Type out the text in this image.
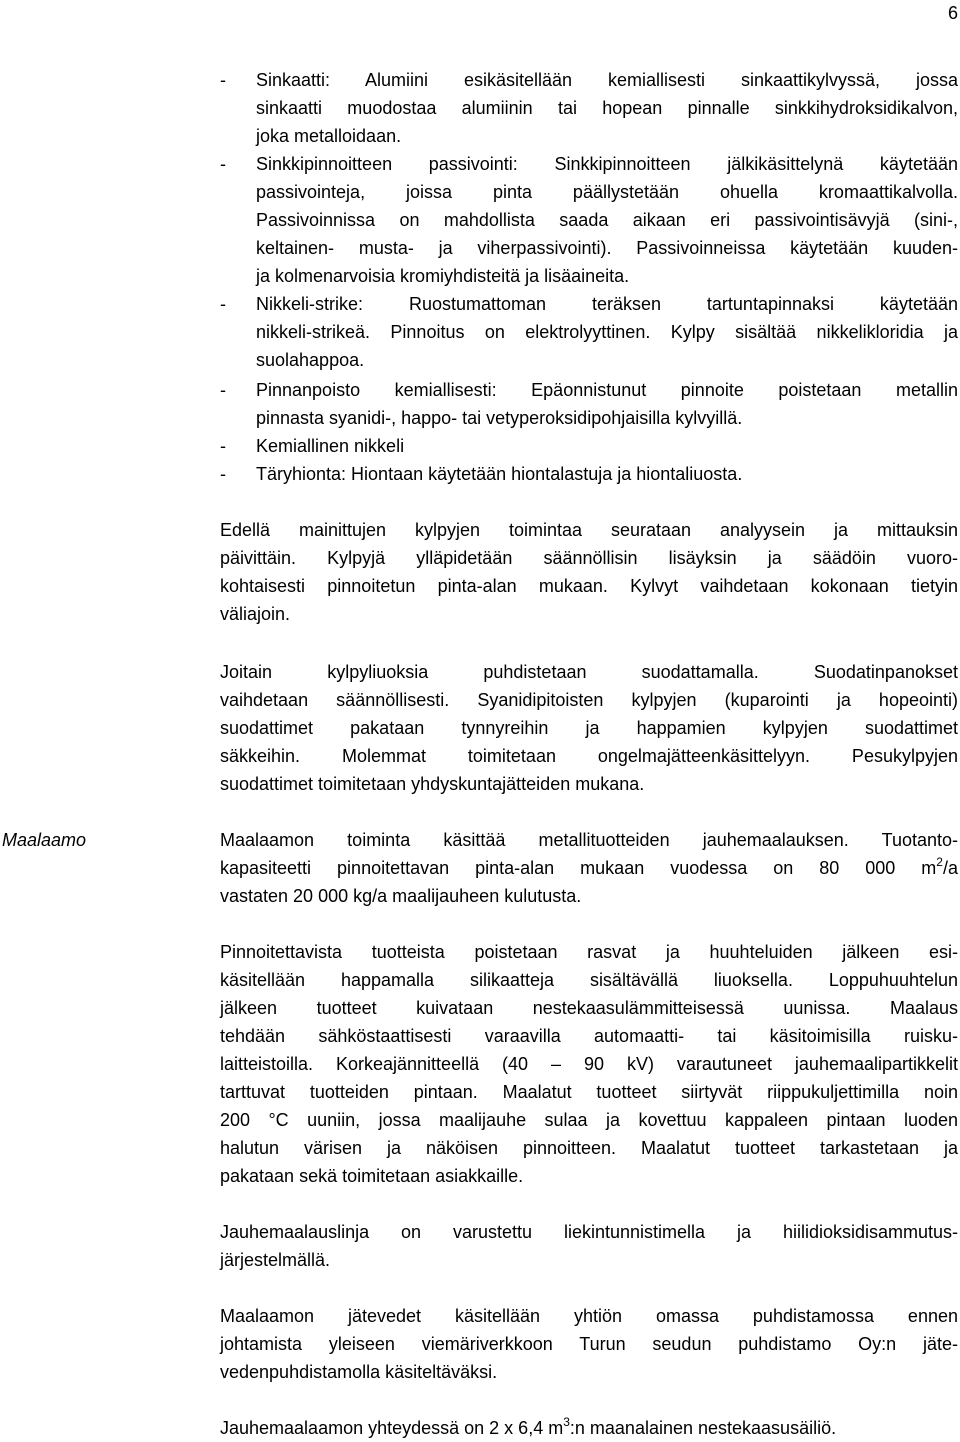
6
- Sinkaatti: Alumiini esikäsitellään kemiallisesti sinkaattikylvyssä, jossa
sinkaatti muodostaa alumiinin tai hopean pinnalle sinkkihydroksidikalvon,
joka metalloidaan.
- Sinkkipinnoitteen passivointi: Sinkkipinnoitteen jälkikäsittelynä käytetään
passivointeja, joissa pinta päällystetään ohuella kromaattikalvolla.
Passivoinnissa on mahdollista saada aikaan eri passivointisävyjä (sini-,
keltainen- musta- ja viherpassivointi). Passivoinneissa käytetään kuuden-
ja kolmenarvoisia kromiyhdisteitä ja lisäaineita.
- Nikkeli-strike: Ruostumattoman teräksen tartuntapinnaksi käytetään
nikkeli-strikeä. Pinnoitus on elektrolyyttinen. Kylpy sisältää nikkelikloridia ja
suolahappoa.
- Pinnanpoisto kemiallisesti: Epäonnistunut pinnoite poistetaan metallin
pinnasta syanidi-, happo- tai vetyperoksidipohjaisilla kylvyillä.
- Kemiallinen nikkeli
- Täryhionta: Hiontaan käytetään hiontalastuja ja hiontaliuosta.
Edellä mainittujen kylpyjen toimintaa seurataan analyysein ja mittauksin
päivittäin. Kylpyjä ylläpidetään säännöllisin lisäyksin ja säädöin vuoro-
kohtaisesti pinnoitetun pinta-alan mukaan. Kylvyt vaihdetaan kokonaan tietyin
väliajoin.
Joitain kylpyliuoksia puhdistetaan suodattamalla. Suodatinpanokset
vaihdetaan säännöllisesti. Syanidipitoisten kylpyjen (kuparointi ja hopeointi)
suodattimet pakataan tynnyreihin ja happamien kylpyjen suodattimet
säkkeihin. Molemmat toimitetaan ongelmajätteenkäsittelyyn. Pesukylpyjen
suodattimet toimitetaan yhdyskuntajätteiden mukana.
Maalaamo	Maalaamon toiminta käsittää metallituotteiden jauhemaalauksen. Tuotanto-
kapasiteetti pinnoitettavan pinta-alan mukaan vuodessa on 80 000 $m^2/a$
vastaten 20 000 kg/a maalijauheen kulutusta.
Pinnoitettavista tuotteista poistetaan rasvat ja huuhteluiden jälkeen esi-
käsitellään happamalla silikaatteja sisältävällä liuoksella. Loppuhuuhtelun
jälkeen tuotteet kuivataan nestekaasulämmitteisessä uunissa. Maalaus
tehdään sähköstaattisesti varaavilla automaatti- tai käsitoimisilla ruisku-
laitteistoilla. Korkeajännitteellä (40 – 90 kV) varautuneet jauhemaalipartikkelit
tarttuvat tuotteiden pintaan. Maalatut tuotteet siirtyvät riippukuljettimilla noin
200 °C uuniin, jossa maalijauhe sulaa ja kovettuu kappaleen pintaan luoden
halutun värisen ja näköisen pinnoitteen. Maalatut tuotteet tarkastetaan ja
pakataan sekä toimitetaan asiakkaille.
Jauhemaalauslinja on varustettu liekintunnistimella ja hiilidioksidisammutus-
järjestelmällä.
Maalaamon jätevedet käsitellään yhtiön omassa puhdistamossa ennen
johtamista yleiseen viemäriverkkoon Turun seudun puhdistamo Oy:n jäte-
vedenpuhdistamolla käsiteltäväksi.
Jauhemaalaamon yhteydessä on 2 x 6,4 $m^3:n$ maanalainen nestekaasusäiliö.
